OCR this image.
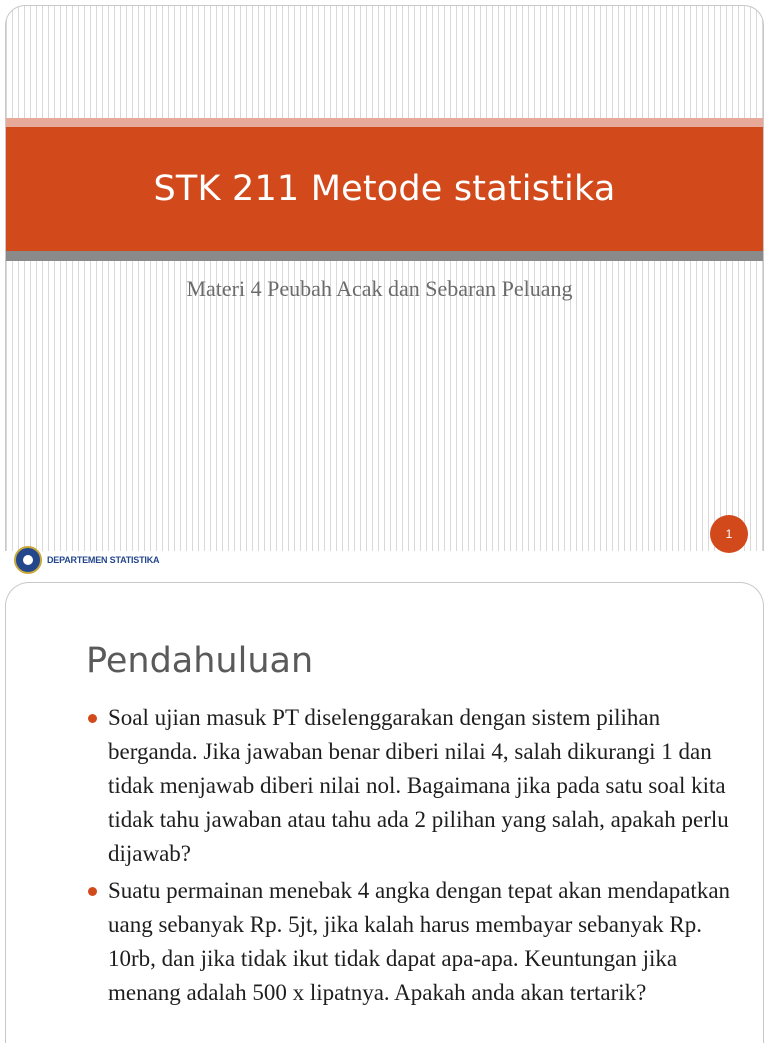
STK 211 Metode statistika
Materi 4 Peubah Acak dan Sebaran Peluang
1
DEPARTEMEN STATISTIKA
Pendahuluan
Soal ujian masuk PT diselenggarakan dengan sistem pilihan berganda. Jika jawaban benar diberi nilai 4, salah dikurangi 1 dan tidak menjawab diberi nilai nol. Bagaimana jika pada satu soal kita tidak tahu jawaban atau tahu ada 2 pilihan yang salah, apakah perlu dijawab?
Suatu permainan menebak 4 angka dengan tepat akan mendapatkan uang sebanyak Rp. 5jt, jika kalah harus membayar sebanyak Rp. 10rb, dan jika tidak ikut tidak dapat apa-apa. Keuntungan jika menang adalah 500 x lipatnya. Apakah anda akan tertarik?
